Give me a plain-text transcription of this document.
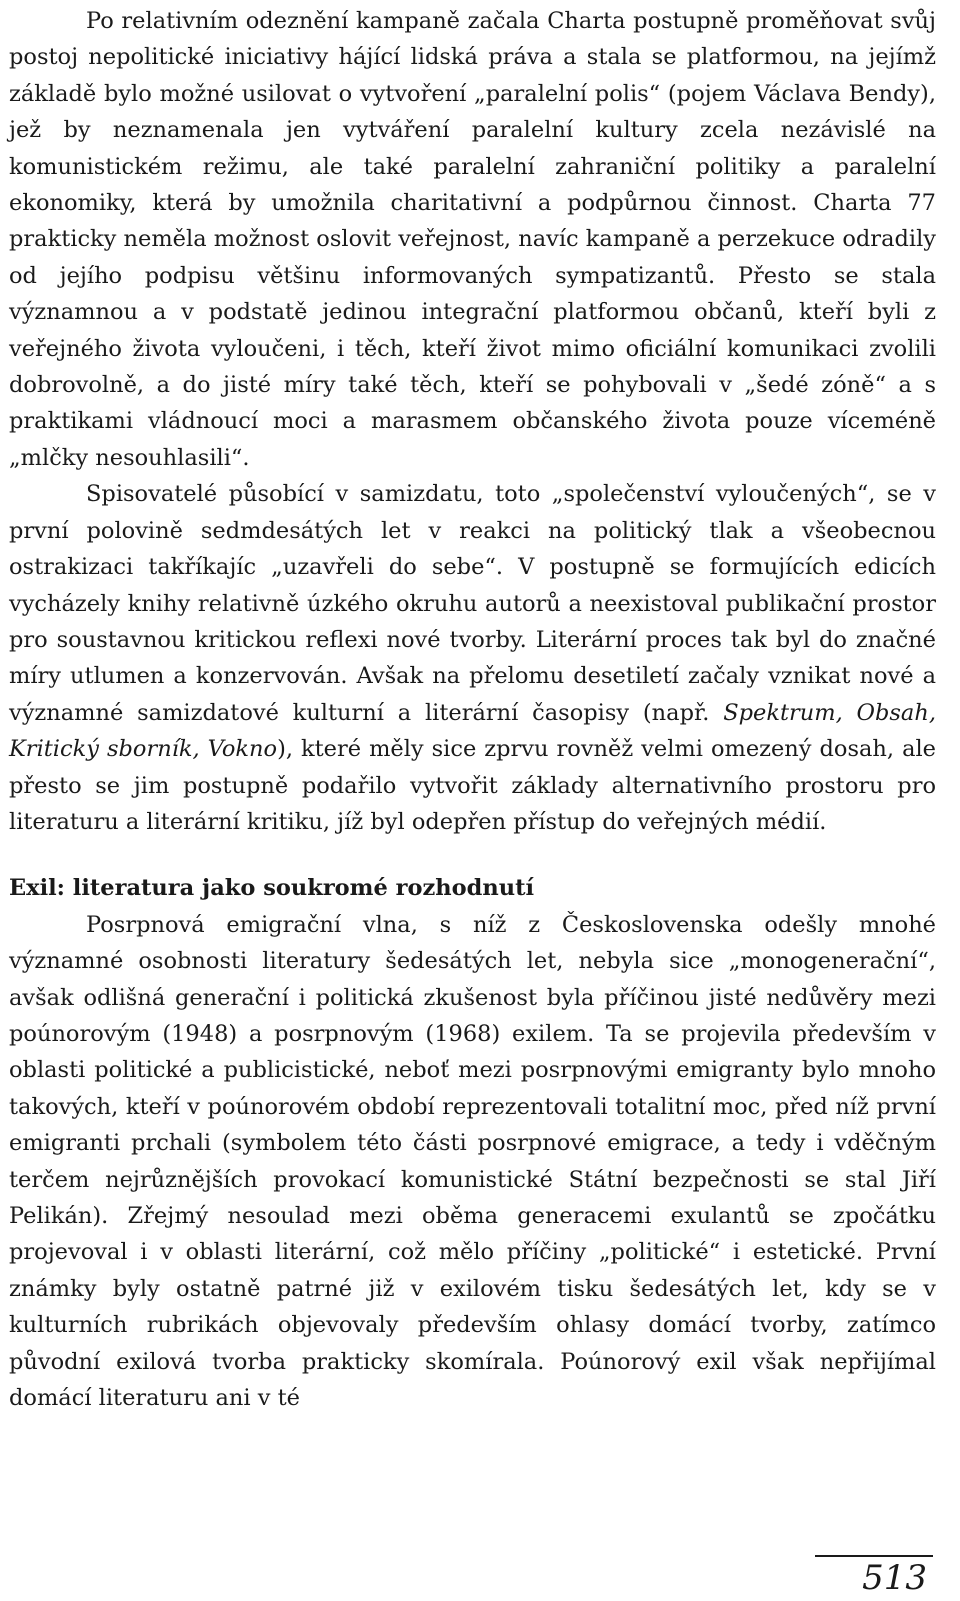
Po relativním odeznění kampaně začala Charta postupně proměňovat svůj postoj nepolitické iniciativy hájící lidská práva a stala se platformou, na jejímž základě bylo možné usilovat o vytvoření „paralelní polis“ (pojem Václava Bendy), jež by neznamenala jen vytváření paralelní kultury zcela nezávislé na komunistickém režimu, ale také paralelní zahraniční politiky a paralelní ekonomiky, která by umožnila charitativní a podpůrnou činnost. Charta 77 prakticky neměla možnost oslovit veřejnost, navíc kampaně a perzekuce odradily od jejího podpisu většinu informovaných sympatizantů. Přesto se stala významnou a v podstatě jedinou integrační platformou občanů, kteří byli z veřejného života vyloučeni, i těch, kteří život mimo oficiální komunikaci zvolili dobrovolně, a do jisté míry také těch, kteří se pohybovali v „šedé zóně“ a s praktikami vládnoucí moci a marasmem občanského života pouze víceméně „mlčky nesouhlasili“.

Spisovatelé působící v samizdatu, toto „společenství vyloučených“, se v první polovině sedmdesátých let v reakci na politický tlak a všeobecnou ostrakizaci takříkajíc „uzavřeli do sebe“. V postupně se formujících edicích vycházely knihy relativně úzkého okruhu autorů a neexistoval publikační prostor pro soustavnou kritickou reflexi nové tvorby. Literární proces tak byl do značné míry utlumen a konzervován. Avšak na přelomu desetiletí začaly vznikat nové a významné samizdatové kulturní a literární časopisy (např. Spektrum, Obsah, Kritický sborník, Vokno), které měly sice zprvu rovněž velmi omezený dosah, ale přesto se jim postupně podařilo vytvořit základy alternativního prostoru pro literaturu a literární kritiku, jíž byl odepřen přístup do veřejných médií.

Exil: literatura jako soukromé rozhodnutí

Posrpnová emigrační vlna, s níž z Československa odešly mnohé významné osobnosti literatury šedesátých let, nebyla sice „monogenerační“, avšak odlišná generační i politická zkušenost byla příčinou jisté nedůvěry mezi poúnorovým (1948) a posrpnovým (1968) exilem. Ta se projevila především v oblasti politické a publicistické, neboť mezi posrpnovými emigranty bylo mnoho takových, kteří v poúnorovém období reprezentovali totalitní moc, před níž první emigranti prchali (symbolem této části posrpnové emigrace, a tedy i vděčným terčem nejrůznějších provokací komunistické Státní bezpečnosti se stal Jiří Pelikán). Zřejmý nesoulad mezi oběma generacemi exulantů se zpočátku projevoval i v oblasti literární, což mělo příčiny „politické“ i estetické. První známky byly ostatně patrné již v exilovém tisku šedesátých let, kdy se v kulturních rubrikách objevovaly především ohlasy domácí tvorby, zatímco původní exilová tvorba prakticky skomírala. Poúnorový exil však nepřijímal domácí literaturu ani v té

513
